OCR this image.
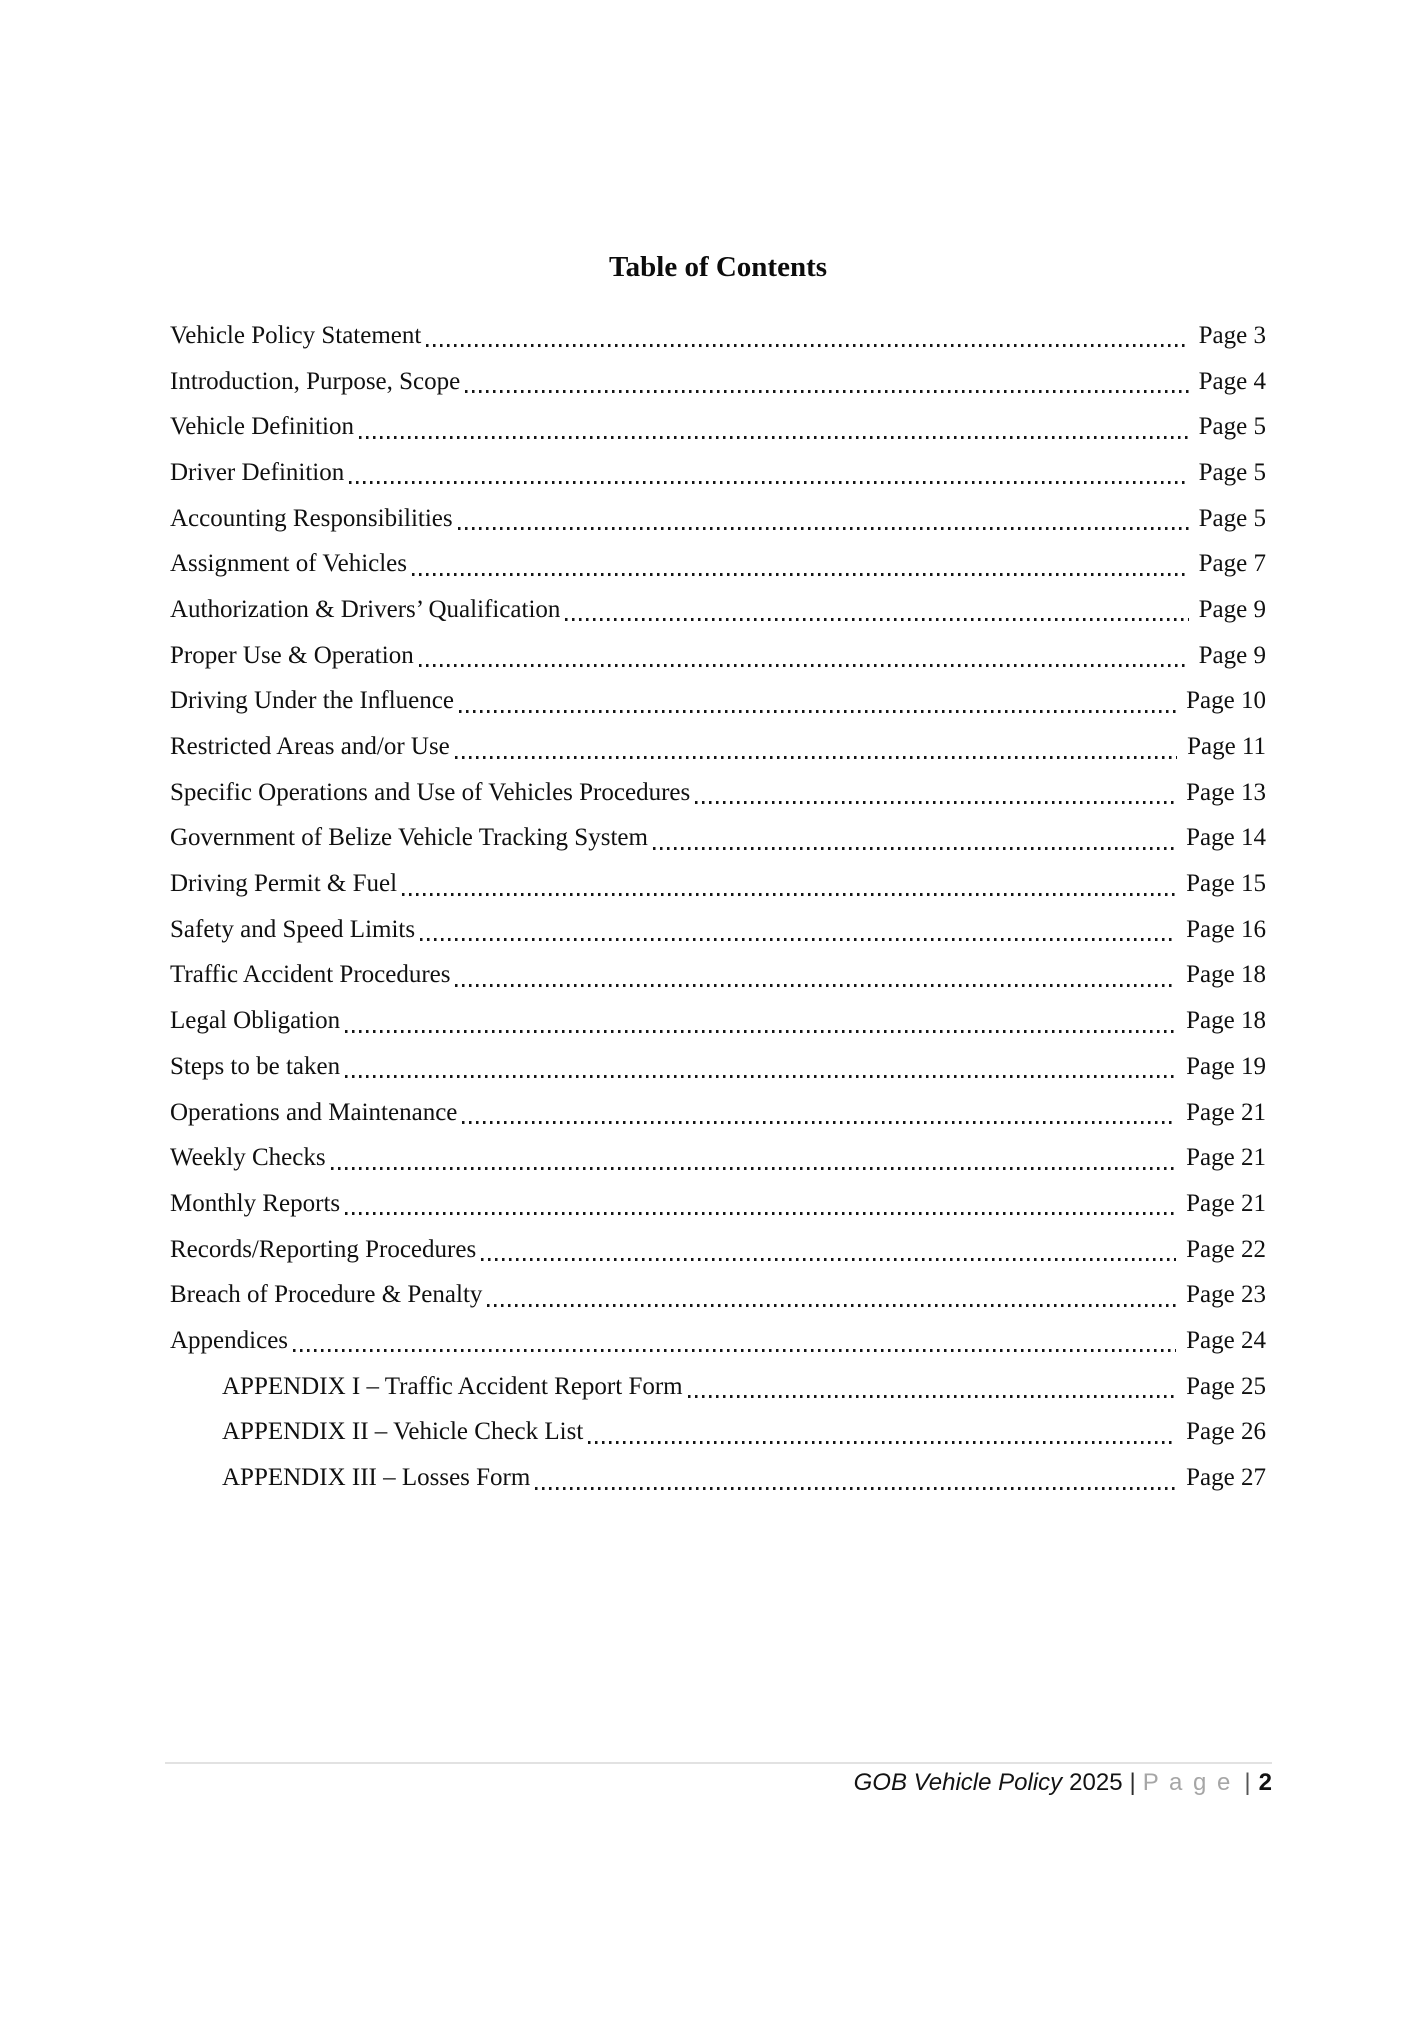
Table of Contents
Vehicle Policy Statement	Page 3
Introduction, Purpose, Scope	Page 4
Vehicle Definition	Page 5
Driver Definition	Page 5
Accounting Responsibilities	Page 5
Assignment of Vehicles	Page 7
Authorization & Drivers’ Qualification	Page 9
Proper Use & Operation	Page 9
Driving Under the Influence	Page 10
Restricted Areas and/or Use	Page 11
Specific Operations and Use of Vehicles Procedures	Page 13
Government of Belize Vehicle Tracking System	Page 14
Driving Permit & Fuel	Page 15
Safety and Speed Limits	Page 16
Traffic Accident Procedures	Page 18
Legal Obligation	Page 18
Steps to be taken	Page 19
Operations and Maintenance	Page 21
Weekly Checks	Page 21
Monthly Reports	Page 21
Records/Reporting Procedures	Page 22
Breach of Procedure & Penalty	Page 23
Appendices	Page 24
APPENDIX I – Traffic Accident Report Form	Page 25
APPENDIX II – Vehicle Check List	Page 26
APPENDIX III – Losses Form	Page 27
GOB Vehicle Policy 2025 | P a g e | 2
